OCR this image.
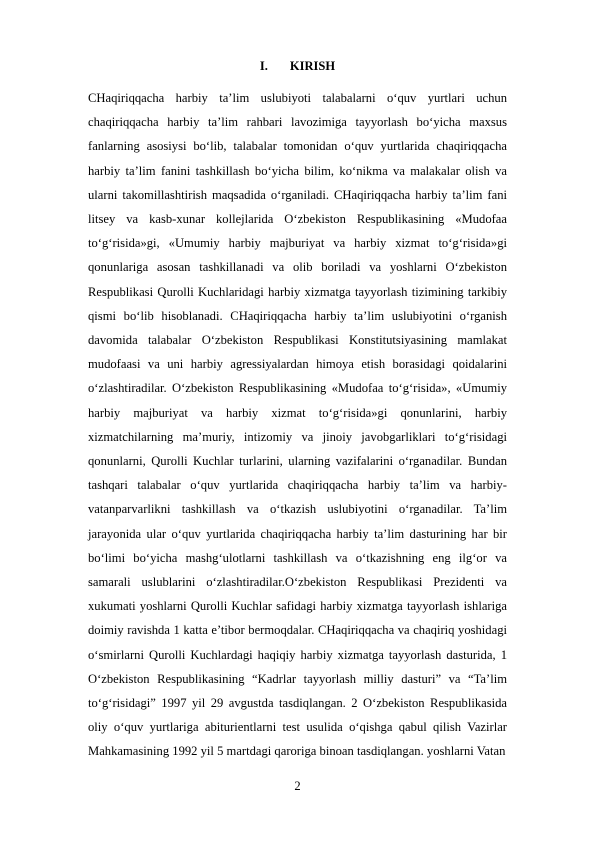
I. KIRISH

CHaqiriqqacha harbiy ta’lim uslubiyoti talabalarni o‘quv yurtlari uchun chaqiriqqacha harbiy ta’lim rahbari lavozimiga tayyorlash bo‘yicha maxsus fanlarning asosiysi bo‘lib, talabalar tomonidan o‘quv yurtlarida chaqiriqqacha harbiy ta’lim fanini tashkillash bo‘yicha bilim, ko‘nikma va malakalar olish va ularni takomillashtirish maqsadida o‘rganiladi. CHaqiriqqacha harbiy ta’lim fani litsey va kasb-xunar kollejlarida O‘zbekiston Respublikasining «Mudofaa to‘g‘risida»gi, «Umumiy harbiy majburiyat va harbiy xizmat to‘g‘risida»gi qonunlariga asosan tashkillanadi va olib boriladi va yoshlarni O‘zbekiston Respublikasi Qurolli Kuchlaridagi harbiy xizmatga tayyorlash tizimining tarkibiy qismi bo‘lib hisoblanadi. CHaqiriqqacha harbiy ta’lim uslubiyotini o‘rganish davomida talabalar O‘zbekiston Respublikasi Konstitutsiyasining mamlakat mudofaasi va uni harbiy agressiyalardan himoya etish borasidagi qoidalarini o‘zlashtiradilar. O‘zbekiston Respublikasining «Mudofaa to‘g‘risida», «Umumiy harbiy majburiyat va harbiy xizmat to‘g‘risida»gi qonunlarini, harbiy xizmatchilarning ma’muriy, intizomiy va jinoiy javobgarliklari to‘g‘risidagi qonunlarni, Qurolli Kuchlar turlarini, ularning vazifalarini o‘rganadilar. Bundan tashqari talabalar o‘quv yurtlarida chaqiriqqacha harbiy ta’lim va harbiy-vatanparvarlikni tashkillash va o‘tkazish uslubiyotini o‘rganadilar. Ta’lim jarayonida ular o‘quv yurtlarida chaqiriqqacha harbiy ta’lim dasturining har bir bo‘limi bo‘yicha mashg‘ulotlarni tashkillash va o‘tkazishning eng ilg‘or va samarali uslublarini o‘zlashtiradilar.O‘zbekiston Respublikasi Prezidenti va xukumati yoshlarni Qurolli Kuchlar safidagi harbiy xizmatga tayyorlash ishlariga doimiy ravishda 1 katta e’tibor bermoqdalar. CHaqiriqqacha va chaqiriq yoshidagi o‘smirlarni Qurolli Kuchlardagi haqiqiy harbiy xizmatga tayyorlash dasturida, 1 O‘zbekiston Respublikasining “Kadrlar tayyorlash milliy dasturi” va “Ta’lim to‘g‘risidagi” 1997 yil 29 avgustda tasdiqlangan. 2 O‘zbekiston Respublikasida oliy o‘quv yurtlariga abiturientlarni test usulida o‘qishga qabul qilish Vazirlar Mahkamasining 1992 yil 5 martdagi qaroriga binoan tasdiqlangan. yoshlarni Vatan

2
